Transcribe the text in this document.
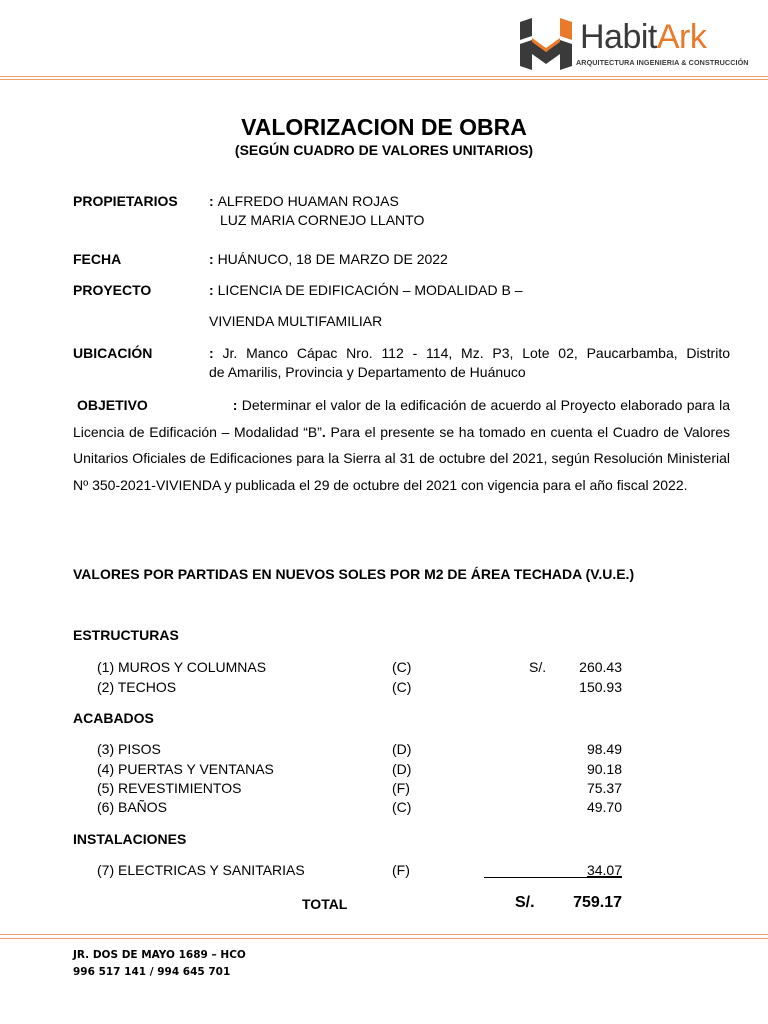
HabitArk
ARQUITECTURA INGENIERIA & CONSTRUCCIÓN
VALORIZACION DE OBRA
(SEGÚN CUADRO DE VALORES UNITARIOS)
PROPIETARIOS : ALFREDO HUAMAN ROJAS
LUZ MARIA CORNEJO LLANTO
FECHA	: HUÁNUCO, 18 DE MARZO DE 2022
PROYECTO	: LICENCIA DE EDIFICACIÓN – MODALIDAD B –
VIVIENDA MULTIFAMILIAR
UBICACIÓN	: Jr. Manco Cápac Nro. 112 - 114, Mz. P3, Lote 02, Paucarbamba, Distrito
de Amarilis, Provincia y Departamento de Huánuco
OBJETIVO	: Determinar el valor de la edificación de acuerdo al Proyecto elaborado para la Licencia de Edificación – Modalidad “B”. Para el presente se ha tomado en cuenta el Cuadro de Valores Unitarios Oficiales de Edificaciones para la Sierra al 31 de octubre del 2021, según Resolución Ministerial Nº 350-2021-VIVIENDA y publicada el 29 de octubre del 2021 con vigencia para el año fiscal 2022.
VALORES POR PARTIDAS EN NUEVOS SOLES POR M2 DE ÁREA TECHADA (V.U.E.)
ESTRUCTURAS
ACABADOS
INSTALACIONES
(1) MUROS Y COLUMNAS	(C)	S/.	260.43
(2) TECHOS	(C)	150.93
(3) PISOS	(D)	98.49
(4) PUERTAS Y VENTANAS	(D)	90.18
(5) REVESTIMIENTOS	(F)	75.37
(6) BAÑOS	(C)	49.70
(7) ELECTRICAS Y SANITARIAS	(F)	34.07
TOTAL	S/.	759.17
JR. DOS DE MAYO 1689 – HCO
996 517 141 / 994 645 701
